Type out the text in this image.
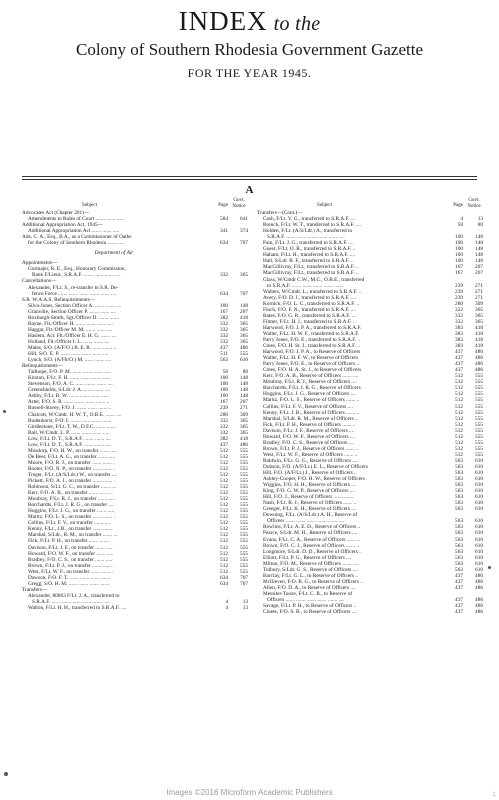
INDEX to the
Colony of Southern Rhodesia Government Gazette
FOR THE YEAR 1945.
A
Subject	Page
Govt. Notice
Advocates Act (Chapter 201)—
Amendments to Rules of Court ....... ....... ......	584	641
Additional Appropriation Act, 1945—
Additional Appropriation Act ....... ....... .....	341	374
Ade, C. A., Esq., B.A., as a Commissioner of Oaths
for the Colony of Southern Rhodesia ....... .....	634	707
Department of Air
Appointments—
Gurmajer, R. E., Esq., Honorary Commission,
Rank F/Lieut., S.R.A.F. ....... ....... ....... ....	332	365
Cancellations—
Alexander, F/Lt. S., re-transfer to S.R. De-
fence Force ....... ....... ....... ....... ....... ....	634	707
S.R. W.A.A.S. Relinquishments—
Silva-Jones, Section Officer A. ....... ....... ....	100	148
Granville, Section Officer P. ....... ....... ....	167	207
Roxburgh-Smith, Sgt./Officer D. ....... .......	382	418
Bayne, Flt./Officer H. ....... ....... ....... ....	332	365
Haggar, Flt./Officer M. M. ....... ....... ....	332	365
Haslem, Act. Flt./Officer E. H. G. ....... ....	332	365
Holland, Flt./Officer I. L. ....... ....... ....	332	365
Males, S/O. (A/F/O.) B. E. R. ....... ....... ..	437	486
Hill, S/O. E. P. ....... ....... ....... ....... ....	511	555
Lynch, S/O. (A/Flt/O.) M. ....... ....... ....	563	610
Relinquishments—
Tailhope, F/O. P. M. ....... ....... ....... .....	58	80
Kirston, F/Lt. F. H. ....... ....... ....... ......	100	148
Stevenson, F/O. A. C. ....... ....... ....... ....	100	148
Greenshields, S/Ldr. J. A. ....... ....... ....	100	148
Ashby, F/Lt. R. W. ....... ....... ....... ......	100	148
Arter, F/O. S. R. ....... ....... ....... ....... ..	167	207
Russell-Storey, F/O. J. ....... ....... ....... ..	239	271
Chalcott, W/Cmdr. H. W. T., O.B.E. ....... ....	280	309
Budenhorst, F/O. I. ....... ....... ....... .......	332	365
Girdlestone, F/Lt. T. W., D.F.C. ....... .......	332	365
Ball, W/Cmdr. L. P. ....... ....... ....... .....	332	365
Low, F/Lt. D. T., S.R.A.F. ....... ....... ....	382	418
Low, F/Lt. D. T., S.R.A.F. ....... ....... ....	437	486
Mosdorp, F/O. H. W., on transfer ....... .....	512	555
De Beer, F/Lt. A. G., on transfer ....... .....	512	555
Moore, F/O. R. J., on transfer ....... ....... .	512	555
Booter, F/O. N. P., on transfer ....... ....... .	512	555
Treger, F/Lt. (A/S/Ldr.) W., on transfer ....	512	555
Pickett, F/O. A. J., on transfer ....... ....... .	512	555
Robinson, S/Lt. G. C., on transfer ....... ....	512	555
Kerr, F/O. A. B., on transfer ....... ....... ..	512	555
Moubray, F/Lt. R. J., on transfer ....... .....	512	555
Borchardts, F/Lt. J. R. G., on transfer ....	512	555
Huggins, F/Lt. J. G., on transfer ....... .....	512	555
Maritz, F/O. L. S., on transfer ....... ....... .	512	555
Collins, F/Lt. F. V., on transfer ....... ....	512	555
Kenny, F/Lt., J.B., on transfer ....... .......	512	555
Marshal, S/Ldr., R. M., on transfer ....... ...	512	555
Fick, F/Lt. P. H., on transfer ....... ....... .	512	555
Davison, F/Lt. J. F., on transfer ....... .....	512	555
Howard, F/O. W. F., on transfer ....... .....	512	555
Bradley, F/O. C. S., on transfer ....... .....	512	555
Brown, F/Lt. P. J., on transfer ....... ....... .	512	555
West, F/Lt. W. F., on transfer ....... ....... .	512	555
Dawson, F/O. F. T. ....... ....... ....... .......	634	707
Gregg, S/O. H. M. ....... ....... ....... .......	634	707
Transfers—
Alexander, 80063 F/Lt. J. A., transferred to
S.R.A.F. ....... ....... ....... ....... ....... ....	4	13
Walton, F/Lt. H. H., transferred to S.R.A.F. ....	4	13
Subject	Page
Govt. Notice
Transfers—(Cont.)—
Cash, F/Lt. V. G., transferred to S.R.A.F. ....	4	13
Brench, F/Lt. W. T., transferred to S.R.A.F. ....	58	80
Holden, F/Lt. (A/S/Ldr.) A., transferred to
S.R.A.F. ....... ....... ....... ....... ....... ....	100	148
Pain, F/Lt. J. G., transferred to S.R.A.F. ....	100	148
Guest, F/Lt. O. R., transferred to S.R.A.F. ..	100	148
Haham, F/Lt. H., transferred to S.R.A.F. ....	100	148
Hall, S/Ldr. R. F., transferred to S.R.A.F. ..	100	148
MacGillivray, F/Lt., transferred to S.R.A.F. ..	167	207
MacGillivray, F/Lt., transferred to S.R.A.F. ..	167	207
Glass, W/Cmdr C.W., M.C., O.B.E., transferred
to S.R.A.F. ....... ....... ....... ....... .......	239	271
Walters, W/Cmdr. L., transferred to S.R.A.F. ..	239	271
Avery, F/O. D. J., transferred to S.R.A.F. ....	239	271
Kornick, F/O. L. C., transferred to S.R.A.F. ..	280	309
Finch, F/O. F. N., transferred to S.R.A.F. ....	332	365
Bates, F/O. G. R., transferred to S.R.A.F. ....	332	365
Filmer, F/Lt. H. J., transferred to S.R.A.F. ..	332	365
Harwood, F/O. J. P. A., transferred to S.R.A.F.	383	418
Waller, F/Lt. H. W. F., transferred to S.R.A.F.	383	418
Parry Jones, F/O. E., transferred to S.R.A.F. ..	383	418
Crees, F/O. H. St. J., transferred to S.R.A.F. ..	383	418
Harwood, F/O. J. P. A., to Reserve of Officers	437	486
Waller, F/Lt. H. F. W., to Reserve of Officers	437	486
Parry Jones, F/O. E., to Reserve of Officers ..	437	486
Crees, F/O. H. A. St. J., to Reserve of Officers	437	486
Kerr, F/O. A. B., Reserve of Officers ....... ....	512	555
Moubray, F/Lt. R. J., Reserve of Officers ....	512	555
Borchardts, F/Lt. J. R. G., Reserve of Officers	512	555
Huggins, F/Lt. J. G., Reserve of Officers ....	512	555
Maritz, F/O. L. S., Reserve of Officers ....... ..	512	555
Collins, F/Lt. F. V., Reserve of Officers ....	512	555
Kenny, F/Lt. J. B., Reserve of Officers ....... ..	512	555
Marshal, S/Ldr. R. M., Reserve of Officers ..	512	555
Fick, F/Lt. P. H., Reserve of Officers ....... ..	512	555
Davison, F/Lt. J. F., Reserve of Officers ....	512	555
Howard, F/O. W. F., Reserve of Officers ....	512	555
Bradley, F/O. C. S., Reserve of Officers ....	512	555
Brown, F/Lt. P. J., Reserve of Officers ....... ..	512	555
West, F/Lt. W. F., Reserve of Officers ....... ..	512	555
Baldwin, F/Lt. G. G., Reserve of Officers ....	563	610
Dobson, F/O. (A/F/Lt.) E. L., Reserve of Officers	563	610
Hill, F/O. (A/F/Lt.) J., Reserve of Officers ..	563	610
Ashley-Cooper, F/O. H. W., Reserve of Officers	563	610
Wiggins, F/O. H. H., Reserve of Officers ....	563	610
King, F/O. G. W. P., Reserve of Officers ....	563	610
Hill, F/O. J., Reserve of Officers ....... .......	563	610
Nash, F/Lt. R. J., Reserve of Officers ....... ..	563	610
Greeger, F/Lt. K. H., Reserve of Officers ....	563	610
Downing, F/Lt. (A/S/Ldr.) A. H., Reserve of
Officers ....... ....... ....... ....... ....... ....	563	610
Rowlins, F/Lt. A. E. D., Reserve of Officers ..	563	610
Pearce, S/Ldr. M. H., Reserve of Officers ....	563	610
Evans, F/Lt. C. A., Reserve of Officers ....... ..	563	610
Brown, F/O. C. J., Reserve of Officers ....... ..	563	610
Longmore, S/Ldr. D. D., Reserve of Officers ..	563	610
Elliott, F/Lt. P. G., Reserve of Officers ....	563	610
Milton, F/O. M., Reserve of Officers ....... ....	563	610
Tulbury, S/Ldr. G. S., Reserve of Officers ....	563	610
Barclay, F/Lt. G. L., to Reserve of Officers ..	437	486
McIlleven, F/O. B. G., to Reserve of Officers ..	437	486
Allen, F/O. D. A., to Reserve of Officers ....	437	486
Messiter-Tooze, F/Lt. C. R., to Reserve of
Officers ....... ....... ....... ....... ....... ....	437	486
Savage, F/Lt. P. H., to Reserve of Officers ..	437	486
Cloete, F/O. S. B., to Reserve of Officers ....	437	486
Images ©2016 Microform Academic Publishers	1
